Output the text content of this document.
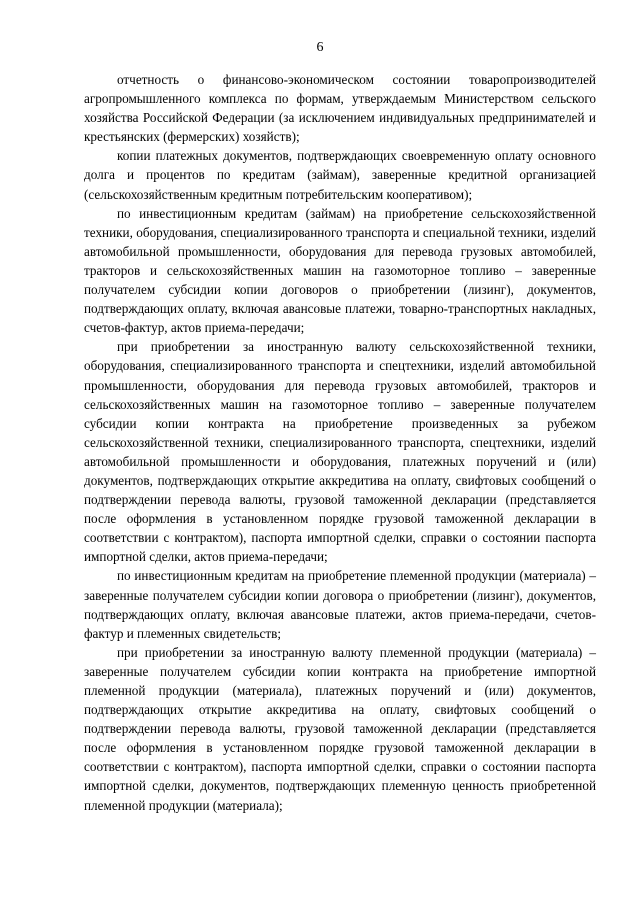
6

отчетность о финансово-экономическом состоянии товаропроизводителей агропромышленного комплекса по формам, утверждаемым Министерством сельского хозяйства Российской Федерации (за исключением индивидуальных предпринимателей и крестьянских (фермерских) хозяйств);

копии платежных документов, подтверждающих своевременную оплату основного долга и процентов по кредитам (займам), заверенные кредитной организацией (сельскохозяйственным кредитным потребительским кооперативом);

по инвестиционным кредитам (займам) на приобретение сельскохозяйственной техники, оборудования, специализированного транспорта и специальной техники, изделий автомобильной промышленности, оборудования для перевода грузовых автомобилей, тракторов и сельскохозяйственных машин на газомоторное топливо – заверенные получателем субсидии копии договоров о приобретении (лизинг), документов, подтверждающих оплату, включая авансовые платежи, товарно-транспортных накладных, счетов-фактур, актов приема-передачи;

при приобретении за иностранную валюту сельскохозяйственной техники, оборудования, специализированного транспорта и спецтехники, изделий автомобильной промышленности, оборудования для перевода грузовых автомобилей, тракторов и сельскохозяйственных машин на газомоторное топливо – заверенные получателем субсидии копии контракта на приобретение произведенных за рубежом сельскохозяйственной техники, специализированного транспорта, спецтехники, изделий автомобильной промышленности и оборудования, платежных поручений и (или) документов, подтверждающих открытие аккредитива на оплату, свифтовых сообщений о подтверждении перевода валюты, грузовой таможенной декларации (представляется после оформления в установленном порядке грузовой таможенной декларации в соответствии с контрактом), паспорта импортной сделки, справки о состоянии паспорта импортной сделки, актов приема-передачи;

по инвестиционным кредитам на приобретение племенной продукции (материала) – заверенные получателем субсидии копии договора о приобретении (лизинг), документов, подтверждающих оплату, включая авансовые платежи, актов приема-передачи, счетов-фактур и племенных свидетельств;

при приобретении за иностранную валюту племенной продукции (материала) – заверенные получателем субсидии копии контракта на приобретение импортной племенной продукции (материала), платежных поручений и (или) документов, подтверждающих открытие аккредитива на оплату, свифтовых сообщений о подтверждении перевода валюты, грузовой таможенной декларации (представляется после оформления в установленном порядке грузовой таможенной декларации в соответствии с контрактом), паспорта импортной сделки, справки о состоянии паспорта импортной сделки, документов, подтверждающих племенную ценность приобретенной племенной продукции (материала);
